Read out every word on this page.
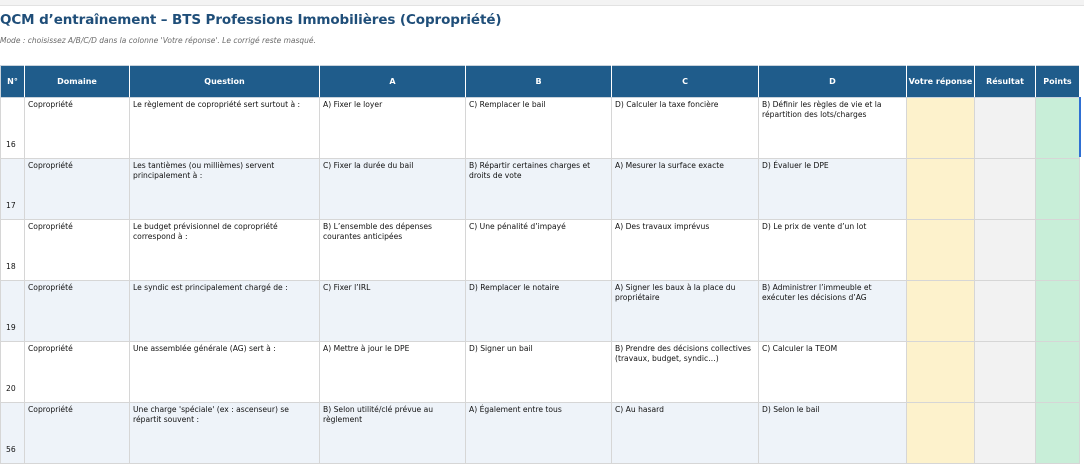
QCM d’entraînement – BTS Professions Immobilières (Copropriété)
Mode : choisissez A/B/C/D dans la colonne 'Votre réponse'. Le corrigé reste masqué.
N°	Domaine	Question	A	B	C	D	Votre réponse	Résultat	Points
16	Copropriété	Le règlement de copropriété sert surtout à :	A) Fixer le loyer	C) Remplacer le bail	D) Calculer la taxe foncière	B) Définir les règles de vie et la répartition des lots/charges			
17	Copropriété	Les tantièmes (ou millièmes) servent principalement à :	C) Fixer la durée du bail	B) Répartir certaines charges et droits de vote	A) Mesurer la surface exacte	D) Évaluer le DPE			
18	Copropriété	Le budget prévisionnel de copropriété correspond à :	B) L’ensemble des dépenses courantes anticipées	C) Une pénalité d’impayé	A) Des travaux imprévus	D) Le prix de vente d’un lot			
19	Copropriété	Le syndic est principalement chargé de :	C) Fixer l’IRL	D) Remplacer le notaire	A) Signer les baux à la place du propriétaire	B) Administrer l’immeuble et exécuter les décisions d’AG			
20	Copropriété	Une assemblée générale (AG) sert à :	A) Mettre à jour le DPE	D) Signer un bail	B) Prendre des décisions collectives (travaux, budget, syndic…)	C) Calculer la TEOM			
56	Copropriété	Une charge 'spéciale' (ex : ascenseur) se répartit souvent :	B) Selon utilité/clé prévue au règlement	A) Également entre tous	C) Au hasard	D) Selon le bail			
